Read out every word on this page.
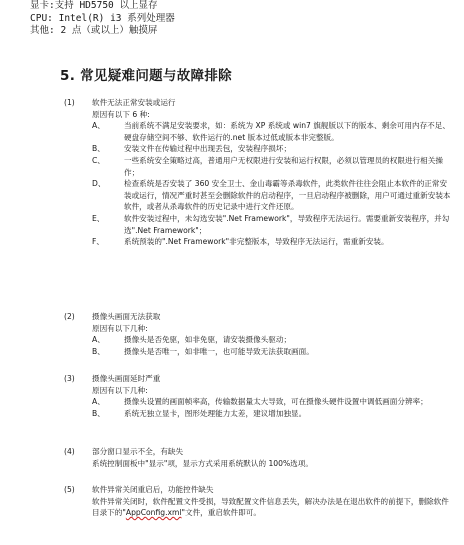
显卡:支持 HD5750 以上显存
CPU: Intel(R) i3 系列处理器
其他: 2 点（或以上）触摸屏
5. 常见疑难问题与故障排除
(1) 软件无法正常安装或运行
原因有以下 6 种:
A、	当前系统不满足安装要求，如：系统为 XP 系统或 win7 旗舰版以下的版本、剩余可用内存不足、硬盘存储空间不够、软件运行的.net 版本过低或版本非完整版。
B、	安装文件在传输过程中出现丢包，安装程序损坏；
C、	一些系统安全策略过高，普通用户无权限进行安装和运行权限，必须以管理员的权限进行相关操作；
D、 检查系统是否安装了 360 安全卫士、金山毒霸等杀毒软件，此类软件往往会阻止本软件的正常安装或运行，情况严重时甚至会删除软件的启动程序，一旦启动程序被删除，用户可通过重新安装本软件，或者从杀毒软件的历史记录中进行文件还原。
E、	软件安装过程中，未勾选安装".Net Framework"，导致程序无法运行。需要重新安装程序，并勾选".Net Framework"；
F、	系统预装的".Net Framework"非完整版本，导致程序无法运行，需重新安装。
(2) 摄像头画面无法获取
原因有以下几种:
A、	摄像头是否免驱，如非免驱，请安装摄像头驱动；
B、	摄像头是否唯一，如非唯一，也可能导致无法获取画面。
(3) 摄像头画面延时严重
原因有以下几种:
A、	摄像头设置的画面帧率高，传输数据量太大导致，可在摄像头硬件设置中调低画面分辨率；
B、	系统无独立显卡，图形处理能力太差，建议增加独显。
(4) 部分窗口显示不全，有缺失
系统控制面板中"显示"项，显示方式采用系统默认的 100%选项。
(5) 软件异常关闭重启后，功能控件缺失
软件异常关闭时，软件配置文件受损，导致配置文件信息丢失，解决办法是在退出软件的前提下，删除软件目录下的"AppConfig.xml"文件，重启软件即可。
